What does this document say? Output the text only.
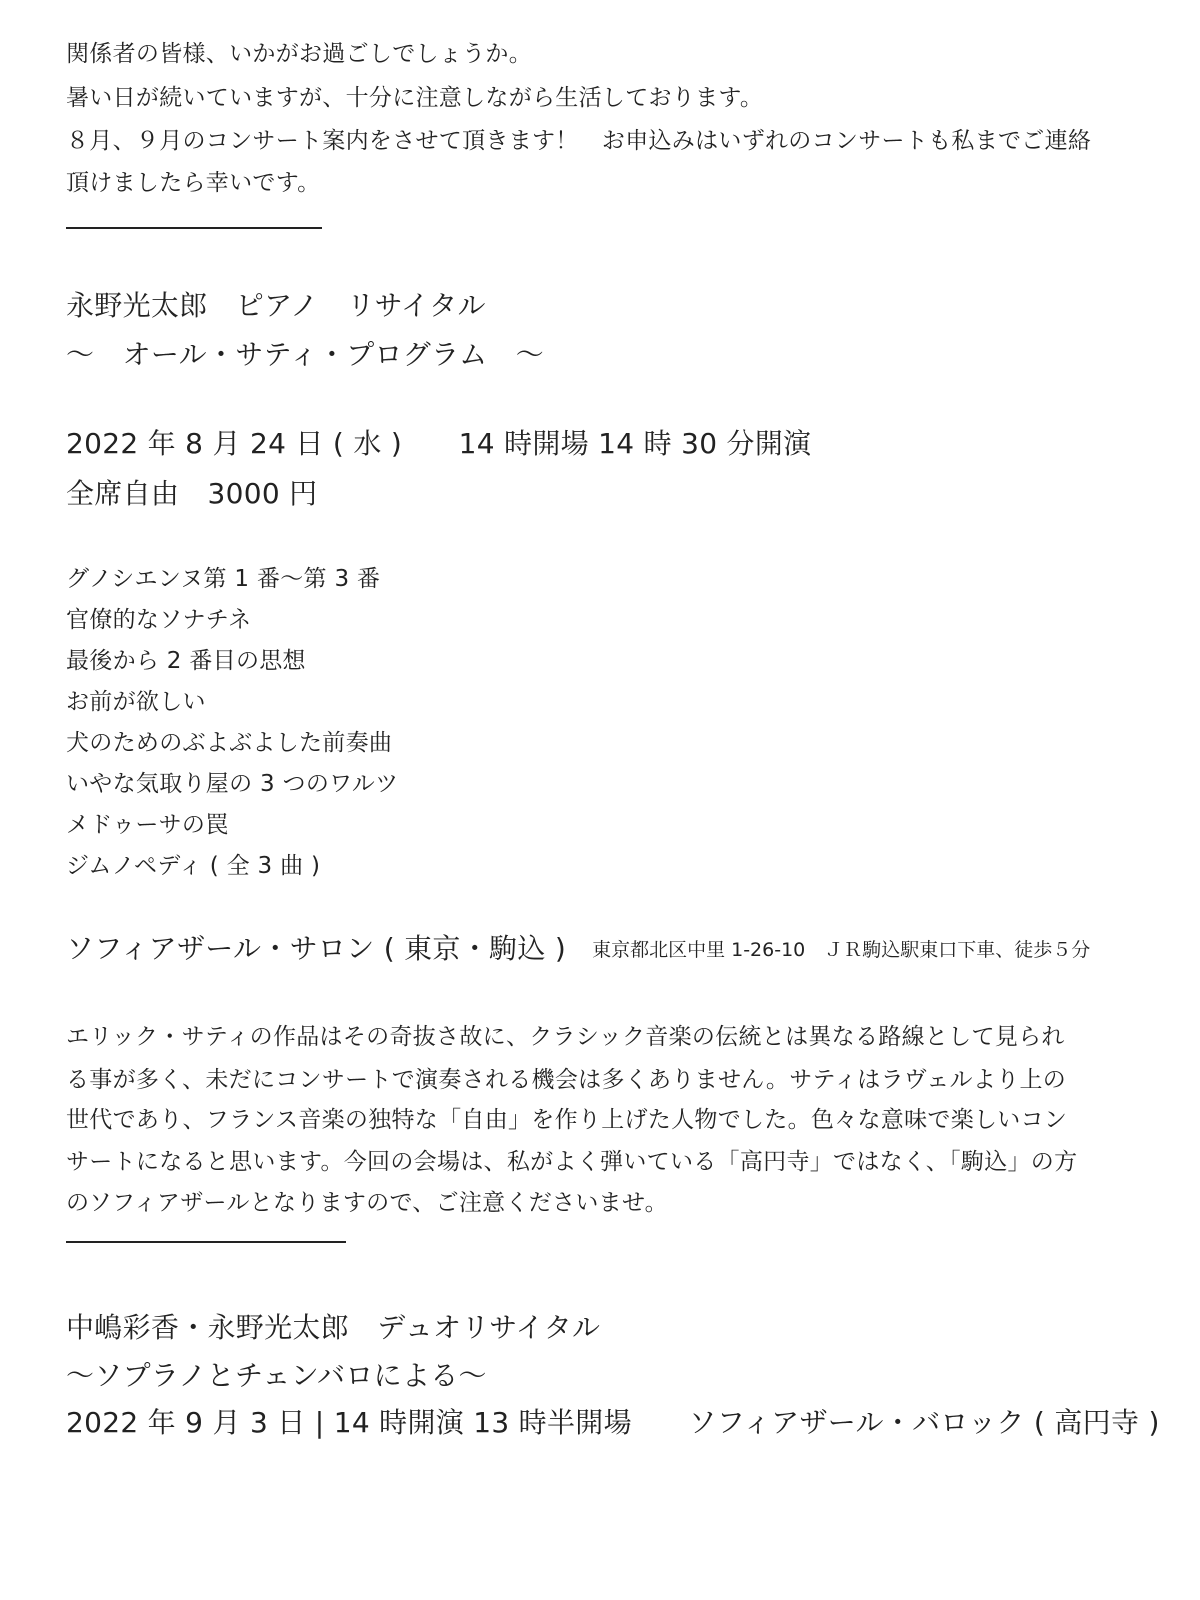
関係者の皆様、いかがお過ごしでしょうか。
暑い日が続いていますが、十分に注意しながら生活しております。
８月、９月のコンサート案内をさせて頂きます！　お申込みはいずれのコンサートも私までご連絡
頂けましたら幸いです。
永野光太郎　ピアノ　リサイタル
～　オール・サティ・プログラム　～
2022 年 8 月 24 日 ( 水 )　　14 時開場 14 時 30 分開演
全席自由　3000 円
グノシエンヌ第 1 番～第 3 番
官僚的なソナチネ
最後から 2 番目の思想
お前が欲しい
犬のためのぶよぶよした前奏曲
いやな気取り屋の 3 つのワルツ
メドゥーサの罠
ジムノペディ ( 全 3 曲 )
ソフィアザール・サロン ( 東京・駒込 ) 東京都北区中里 1-26-10　ＪＲ駒込駅東口下車、徒歩５分
エリック・サティの作品はその奇抜さ故に、クラシック音楽の伝統とは異なる路線として見られ
る事が多く、未だにコンサートで演奏される機会は多くありません。サティはラヴェルより上の
世代であり、フランス音楽の独特な「自由」を作り上げた人物でした。色々な意味で楽しいコン
サートになると思います。今回の会場は、私がよく弾いている「高円寺」ではなく、「駒込」の方
のソフィアザールとなりますので、ご注意くださいませ。
中嶋彩香・永野光太郎　デュオリサイタル
～ソプラノとチェンバロによる～
2022 年 9 月 3 日 | 14 時開演 13 時半開場　　ソフィアザール・バロック ( 高円寺 )
